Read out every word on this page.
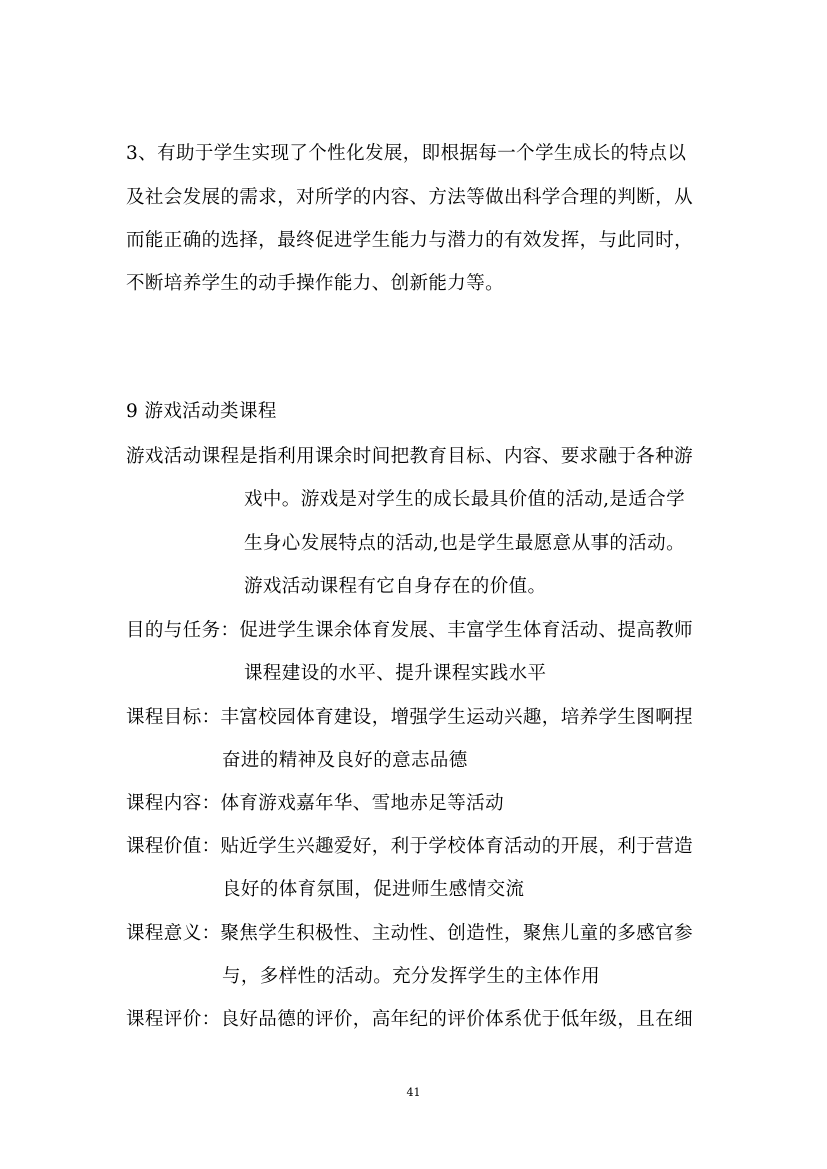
3、有助于学生实现了个性化发展，即根据每一个学生成长的特点以
及社会发展的需求，对所学的内容、方法等做出科学合理的判断，从
而能正确的选择，最终促进学生能力与潜力的有效发挥，与此同时，
不断培养学生的动手操作能力、创新能力等。
9 游戏活动类课程
游戏活动课程是指利用课余时间把教育目标、内容、要求融于各种游
戏中。游戏是对学生的成长最具价值的活动,是适合学
生身心发展特点的活动,也是学生最愿意从事的活动。
游戏活动课程有它自身存在的价值。
目的与任务：促进学生课余体育发展、丰富学生体育活动、提高教师
课程建设的水平、提升课程实践水平
课程目标：丰富校园体育建设，增强学生运动兴趣，培养学生图啊捏
奋进的精神及良好的意志品德
课程内容：体育游戏嘉年华、雪地赤足等活动
课程价值：贴近学生兴趣爱好，利于学校体育活动的开展，利于营造
良好的体育氛围，促进师生感情交流
课程意义：聚焦学生积极性、主动性、创造性，聚焦儿童的多感官参
与，多样性的活动。充分发挥学生的主体作用
课程评价：良好品德的评价，高年纪的评价体系优于低年级，且在细
41
